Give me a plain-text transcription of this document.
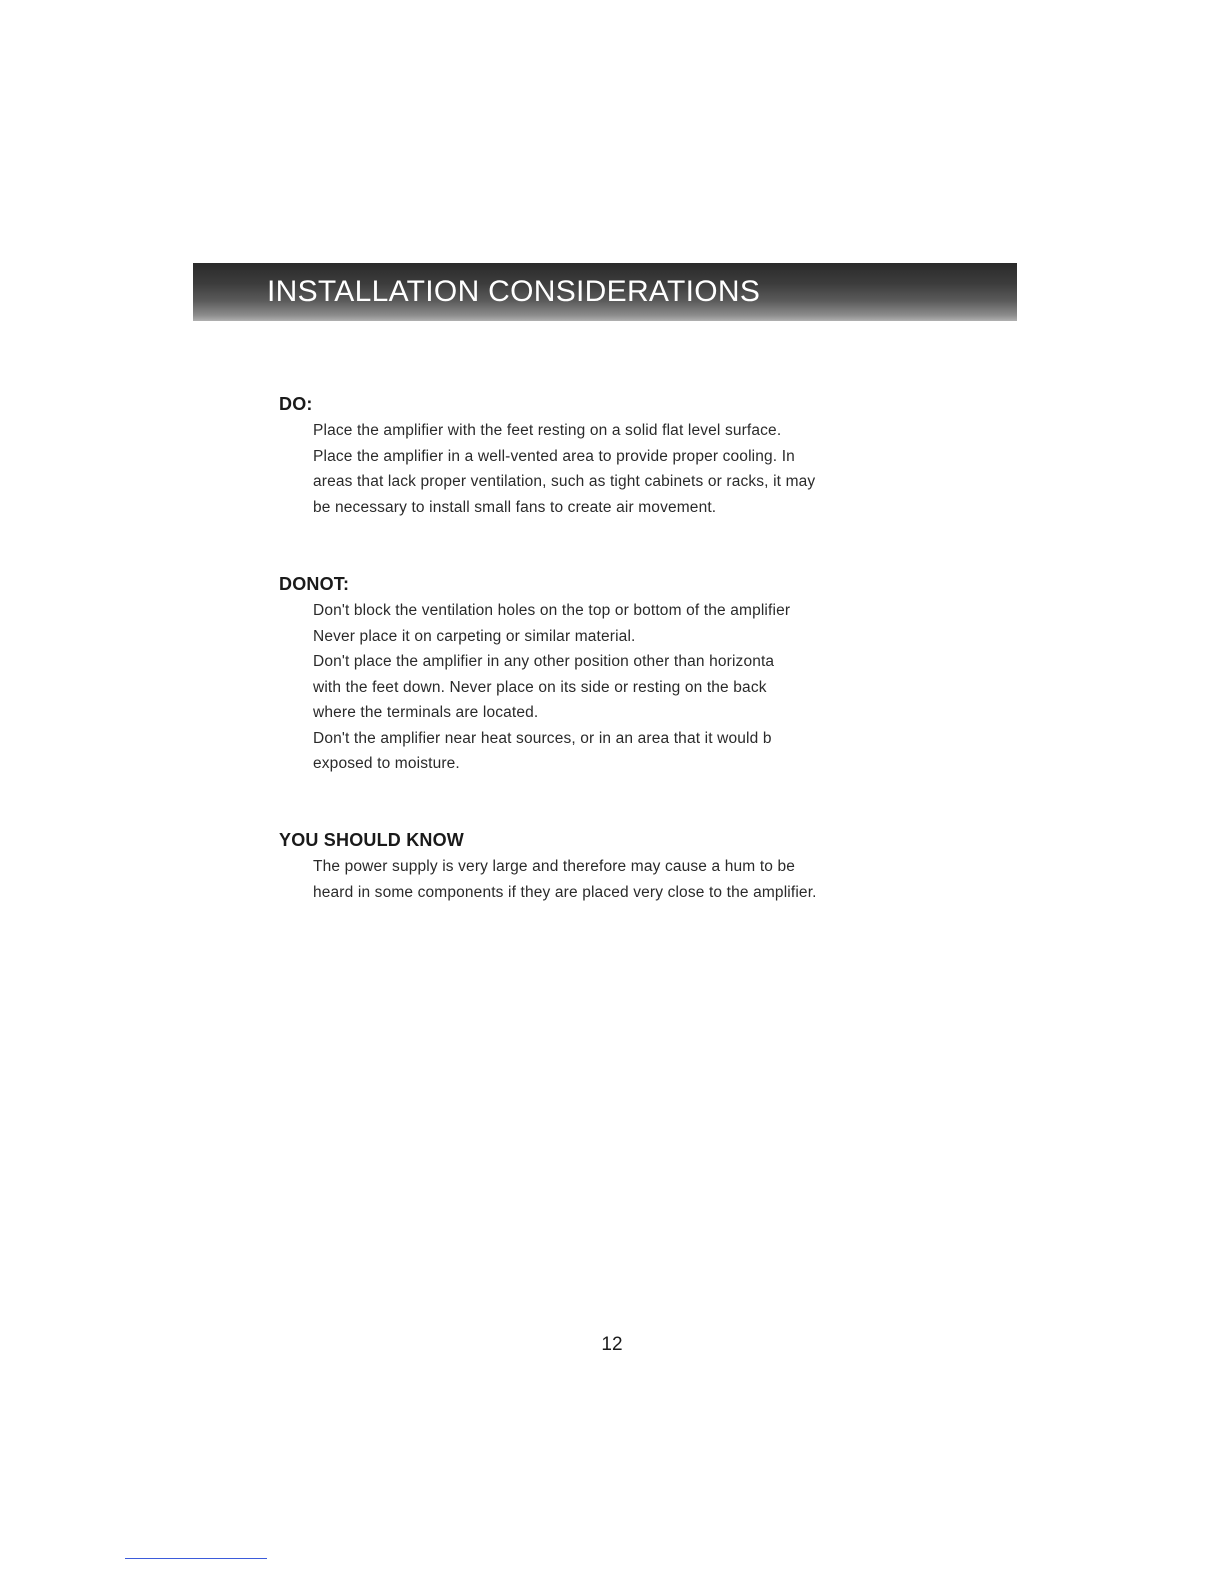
INSTALLATION CONSIDERATIONS
DO:
Place the amplifier with the feet resting on a solid flat level surface.
Place the amplifier in a well-vented area to provide proper cooling. In
areas that lack proper ventilation, such as tight cabinets or racks, it may
be necessary to install small fans to create air movement.
DONOT:
Don't block the ventilation holes on the top or bottom of the amplifier
Never place it on carpeting or similar material.
Don't place the amplifier in any other position other than horizonta
with the feet down. Never place on its side or resting on the back
where the terminals are located.
Don't the amplifier near heat sources, or in an area that it would b
exposed to moisture.
YOU SHOULD KNOW
The power supply is very large and therefore may cause a hum to be
heard in some components if they are placed very close to the amplifier.
12
